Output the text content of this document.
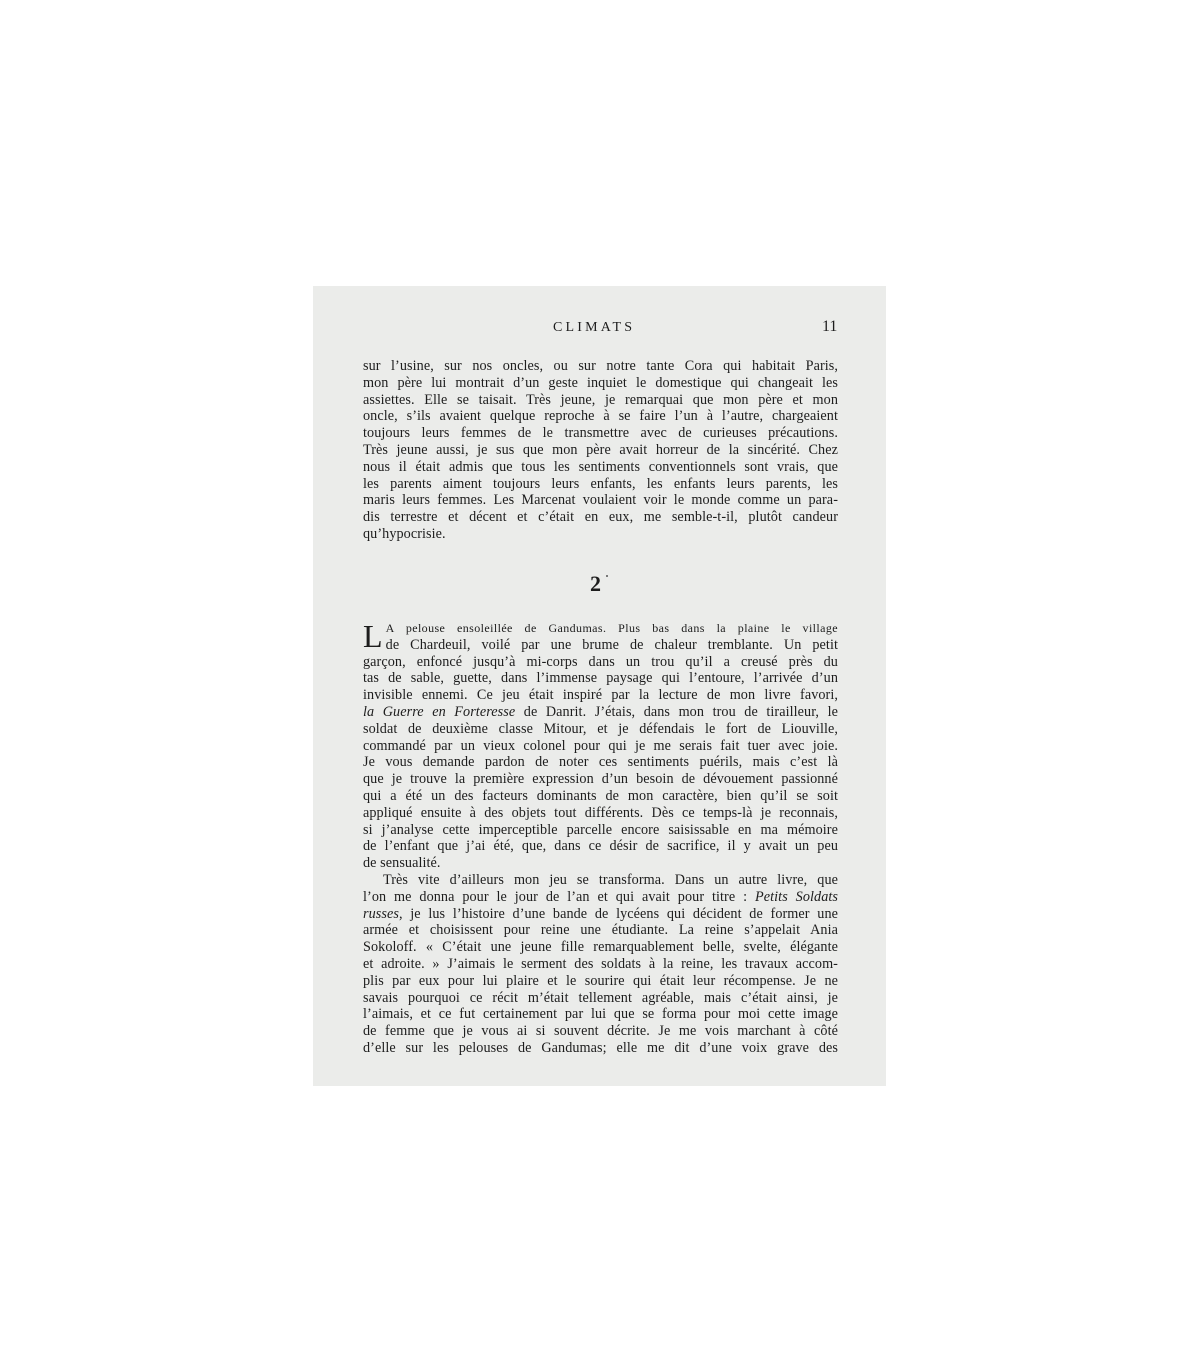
CLIMATS	11

sur l’usine, sur nos oncles, ou sur notre tante Cora qui habitait Paris,
mon père lui montrait d’un geste inquiet le domestique qui changeait les
assiettes. Elle se taisait. Très jeune, je remarquai que mon père et mon
oncle, s’ils avaient quelque reproche à se faire l’un à l’autre, chargeaient
toujours leurs femmes de le transmettre avec de curieuses précautions.
Très jeune aussi, je sus que mon père avait horreur de la sincérité. Chez
nous il était admis que tous les sentiments conventionnels sont vrais, que
les parents aiment toujours leurs enfants, les enfants leurs parents, les
maris leurs femmes. Les Marcenat voulaient voir le monde comme un para-
dis terrestre et décent et c’était en eux, me semble-t-il, plutôt candeur
qu’hypocrisie.

2

L A pelouse ensoleillée de Gandumas. Plus bas dans la plaine le village
de Chardeuil, voilé par une brume de chaleur tremblante. Un petit
garçon, enfoncé jusqu’à mi-corps dans un trou qu’il a creusé près du
tas de sable, guette, dans l’immense paysage qui l’entoure, l’arrivée d’un
invisible ennemi. Ce jeu était inspiré par la lecture de mon livre favori,
la Guerre en Forteresse de Danrit. J’étais, dans mon trou de tirailleur, le
soldat de deuxième classe Mitour, et je défendais le fort de Liouville,
commandé par un vieux colonel pour qui je me serais fait tuer avec joie.
Je vous demande pardon de noter ces sentiments puérils, mais c’est là
que je trouve la première expression d’un besoin de dévouement passionné
qui a été un des facteurs dominants de mon caractère, bien qu’il se soit
appliqué ensuite à des objets tout différents. Dès ce temps-là je reconnais,
si j’analyse cette imperceptible parcelle encore saisissable en ma mémoire
de l’enfant que j’ai été, que, dans ce désir de sacrifice, il y avait un peu
de sensualité.

Très vite d’ailleurs mon jeu se transforma. Dans un autre livre, que
l’on me donna pour le jour de l’an et qui avait pour titre : Petits Soldats
russes, je lus l’histoire d’une bande de lycéens qui décident de former une
armée et choisissent pour reine une étudiante. La reine s’appelait Ania
Sokoloff. « C’était une jeune fille remarquablement belle, svelte, élégante
et adroite. » J’aimais le serment des soldats à la reine, les travaux accom-
plis par eux pour lui plaire et le sourire qui était leur récompense. Je ne
savais pourquoi ce récit m’était tellement agréable, mais c’était ainsi, je
l’aimais, et ce fut certainement par lui que se forma pour moi cette image
de femme que je vous ai si souvent décrite. Je me vois marchant à côté
d’elle sur les pelouses de Gandumas; elle me dit d’une voix grave des
